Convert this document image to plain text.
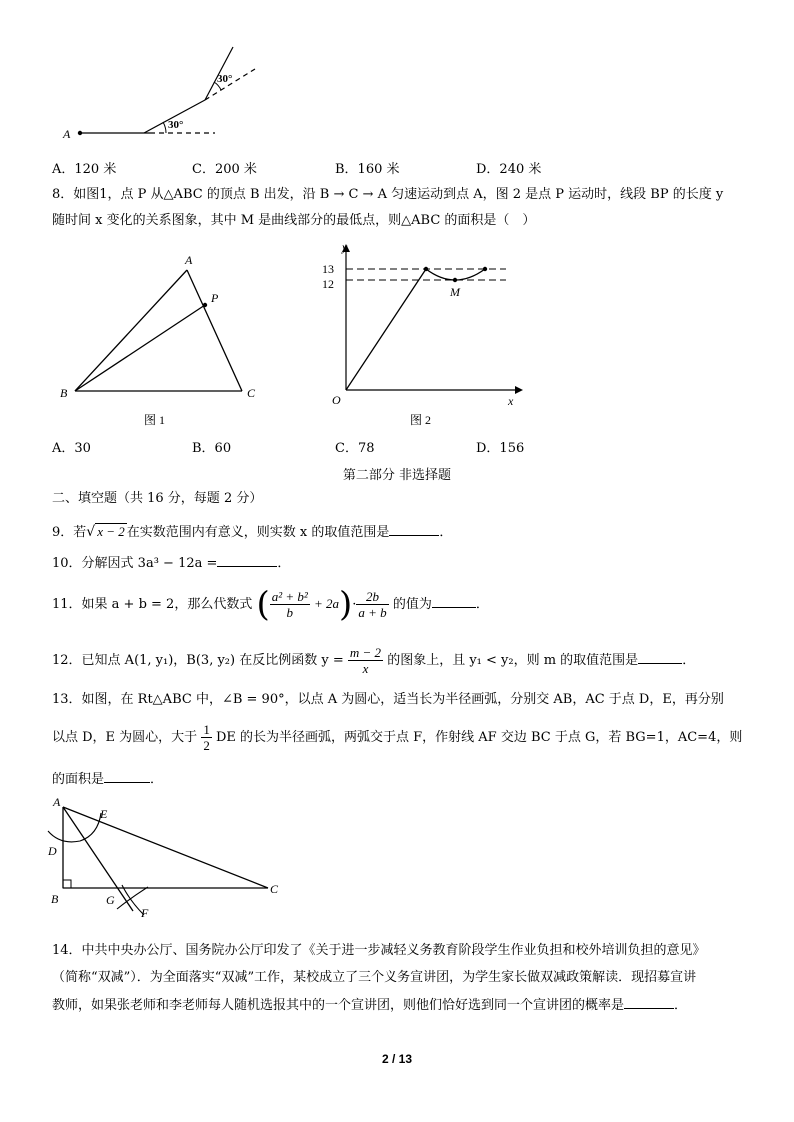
A
30°
30°
A．120 米	C．200 米	B．160 米	D．240 米
8．如图1，点 P 从△ABC 的顶点 B 出发，沿 B → C → A 匀速运动到点 A，图 2 是点 P 运动时，线段 BP 的长度 y
随时间 x 变化的关系图象，其中 M 是曲线部分的最低点，则△ABC 的面积是（　）
A
P
B	C
图 1
y
x
O
M
13
12
图 2
A．30	B．60	C．78	D．156
第二部分 非选择题
二、填空题（共 16 分，每题 2 分）
9．若√ x − 2 在实数范围内有意义，则实数 x 的取值范围是	．
10．分解因式 3a³ − 12a =	．
11．如果 a + b = 2，那么代数式 ( $\frac{\text{a² + b²}}{b} + 2a)\cdot \frac{2b}{a + b}$ 的值为	．
12．已知点 A(1, y₁)，B(3, y₂) 在反比例函数 $y = \frac{m - 2}{x}$ 的图象上，且 y₁ < y₂，则 m 的取值范围是	．
13．如图，在 Rt△ABC 中，∠B = 90°，以点 A 为圆心，适当长为半径画弧，分别交 AB，AC 于点 D，E，再分别
以点 D，E 为圆心，大于 $\frac{1}{2}$ DE 的长为半径画弧，两弧交于点 F，作射线 AF 交边 BC 于点 G，若 BG=1，AC=4，则
的面积是	．
A
E
D
B	G
F
C
14．中共中央办公厅、国务院办公厅印发了《关于进一步减轻义务教育阶段学生作业负担和校外培训负担的意见》
（简称“双减”）．为全面落实“双减”工作，某校成立了三个义务宣讲团，为学生家长做双减政策解读．现招募宣讲
教师，如果张老师和李老师每人随机选报其中的一个宣讲团，则他们恰好选到同一个宣讲团的概率是	．
2 / 13
